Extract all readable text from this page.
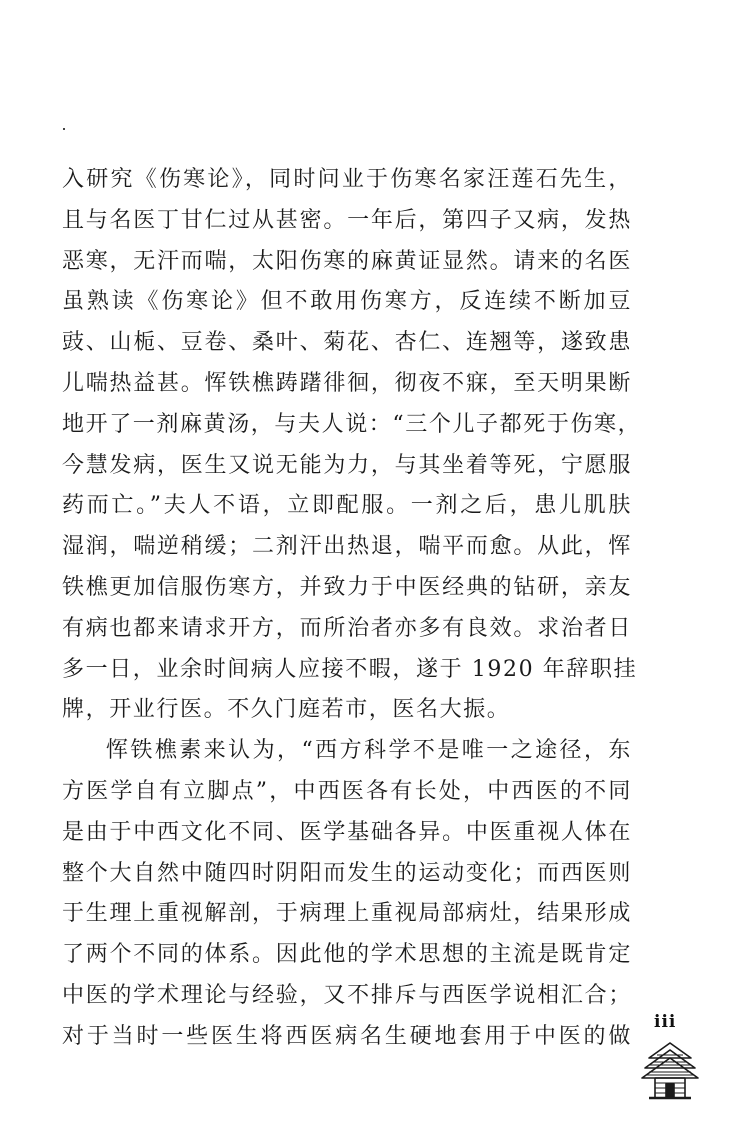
入研究《伤寒论》，同时问业于伤寒名家汪莲石先生，
且与名医丁甘仁过从甚密。一年后，第四子又病，发热
恶寒，无汗而喘，太阳伤寒的麻黄证显然。请来的名医
虽熟读《伤寒论》但不敢用伤寒方，反连续不断加豆
豉、山栀、豆卷、桑叶、菊花、杏仁、连翘等，遂致患
儿喘热益甚。恽铁樵踌躇徘徊，彻夜不寐，至天明果断
地开了一剂麻黄汤，与夫人说：“三个儿子都死于伤寒，
今慧发病，医生又说无能为力，与其坐着等死，宁愿服
药而亡。”夫人不语，立即配服。一剂之后，患儿肌肤
湿润，喘逆稍缓；二剂汗出热退，喘平而愈。从此，恽
铁樵更加信服伤寒方，并致力于中医经典的钻研，亲友
有病也都来请求开方，而所治者亦多有良效。求治者日
多一日，业余时间病人应接不暇，遂于 1920 年辞职挂
牌，开业行医。不久门庭若市，医名大振。
恽铁樵素来认为，“西方科学不是唯一之途径，东
方医学自有立脚点”，中西医各有长处，中西医的不同
是由于中西文化不同、医学基础各异。中医重视人体在
整个大自然中随四时阴阳而发生的运动变化；而西医则
于生理上重视解剖，于病理上重视局部病灶，结果形成
了两个不同的体系。因此他的学术思想的主流是既肯定
中医的学术理论与经验，又不排斥与西医学说相汇合；
对于当时一些医生将西医病名生硬地套用于中医的做
iii
